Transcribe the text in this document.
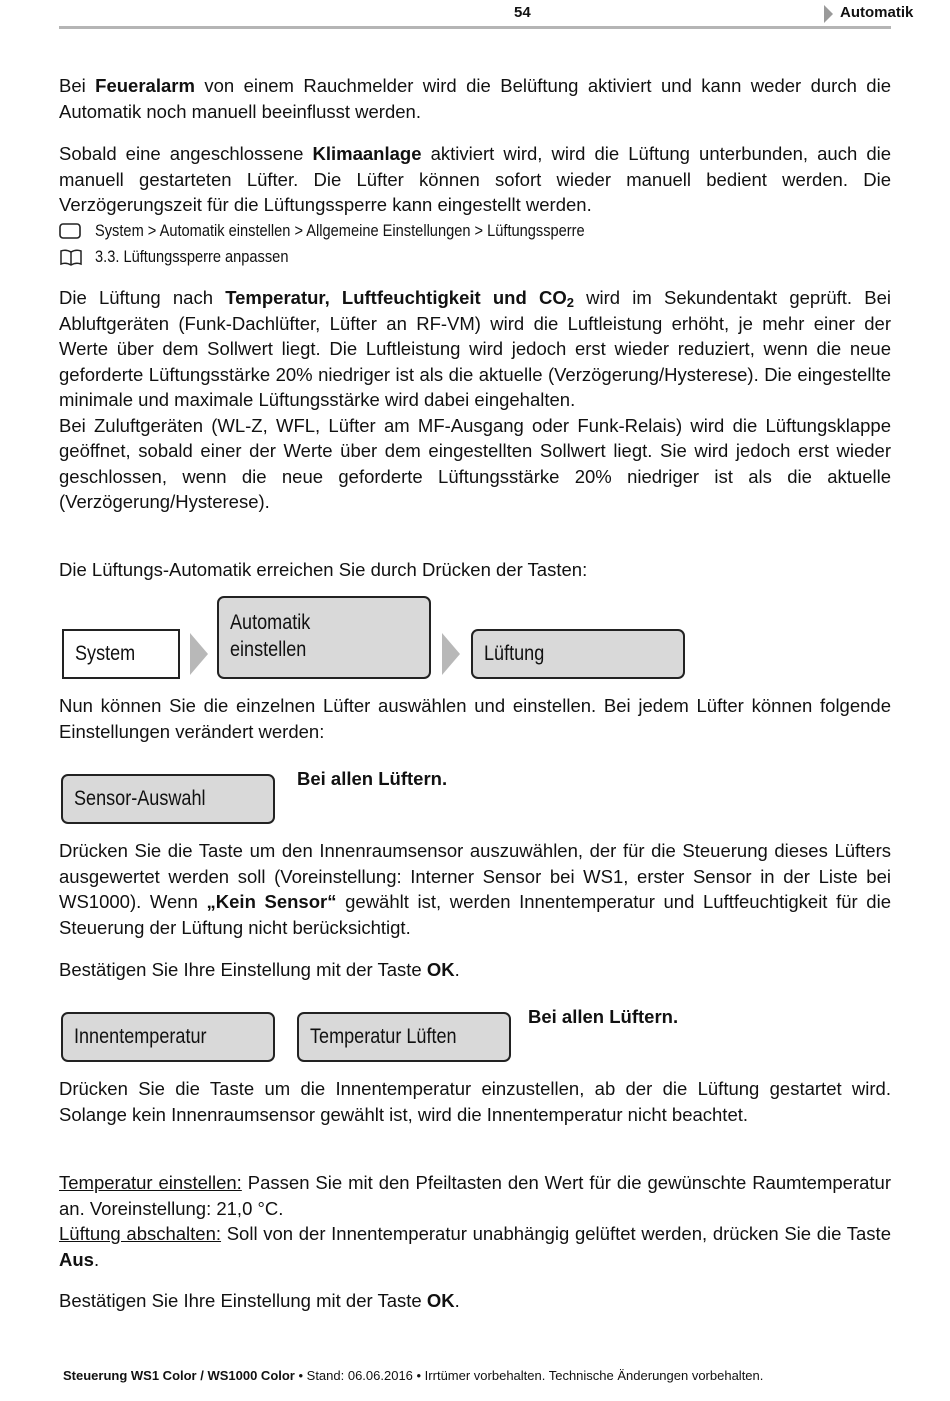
54	Automatik

Bei Feueralarm von einem Rauchmelder wird die Belüftung aktiviert und kann weder durch die Automatik noch manuell beeinflusst werden.

Sobald eine angeschlossene Klimaanlage aktiviert wird, wird die Lüftung unterbunden, auch die manuell gestarteten Lüfter. Die Lüfter können sofort wieder manuell bedient werden. Die Verzögerungszeit für die Lüftungssperre kann eingestellt werden.

System > Automatik einstellen > Allgemeine Einstellungen > Lüftungssperre
3.3. Lüftungssperre anpassen

Die Lüftung nach Temperatur, Luftfeuchtigkeit und $CO_2$ wird im Sekundentakt geprüft. Bei Abluftgeräten (Funk-Dachlüfter, Lüfter an RF-VM) wird die Luftleistung erhöht, je mehr einer der Werte über dem Sollwert liegt. Die Luftleistung wird jedoch erst wieder reduziert, wenn die neue geforderte Lüftungsstärke 20% niedriger ist als die aktuelle (Verzögerung/Hysterese). Die eingestellte minimale und maximale Lüftungsstärke wird dabei eingehalten.
Bei Zuluftgeräten (WL-Z, WFL, Lüfter am MF-Ausgang oder Funk-Relais) wird die Lüftungsklappe geöffnet, sobald einer der Werte über dem eingestellten Sollwert liegt. Sie wird jedoch erst wieder geschlossen, wenn die neue geforderte Lüftungsstärke 20% niedriger ist als die aktuelle (Verzögerung/Hysterese).

Die Lüftungs-Automatik erreichen Sie durch Drücken der Tasten:

System
Automatik
einstellen	Lüftung

Nun können Sie die einzelnen Lüfter auswählen und einstellen. Bei jedem Lüfter können folgende Einstellungen verändert werden:

Sensor-Auswahl
Bei allen Lüftern.

Drücken Sie die Taste um den Innenraumsensor auszuwählen, der für die Steuerung dieses Lüfters ausgewertet werden soll (Voreinstellung: Interner Sensor bei WS1, erster Sensor in der Liste bei WS1000). Wenn „Kein Sensor“ gewählt ist, werden Innentemperatur und Luftfeuchtigkeit für die Steuerung der Lüftung nicht berücksichtigt.

Bestätigen Sie Ihre Einstellung mit der Taste OK.

Innentemperatur	Temperatur Lüften
Bei allen Lüftern.

Drücken Sie die Taste um die Innentemperatur einzustellen, ab der die Lüftung gestartet wird. Solange kein Innenraumsensor gewählt ist, wird die Innentemperatur nicht beachtet.

Temperatur einstellen: Passen Sie mit den Pfeiltasten den Wert für die gewünschte Raumtemperatur an. Voreinstellung: 21,0 °C.
Lüftung abschalten: Soll von der Innentemperatur unabhängig gelüftet werden, drücken Sie die Taste Aus.

Bestätigen Sie Ihre Einstellung mit der Taste OK.

Steuerung WS1 Color / WS1000 Color • Stand: 06.06.2016 • Irrtümer vorbehalten. Technische Änderungen vorbehalten.
